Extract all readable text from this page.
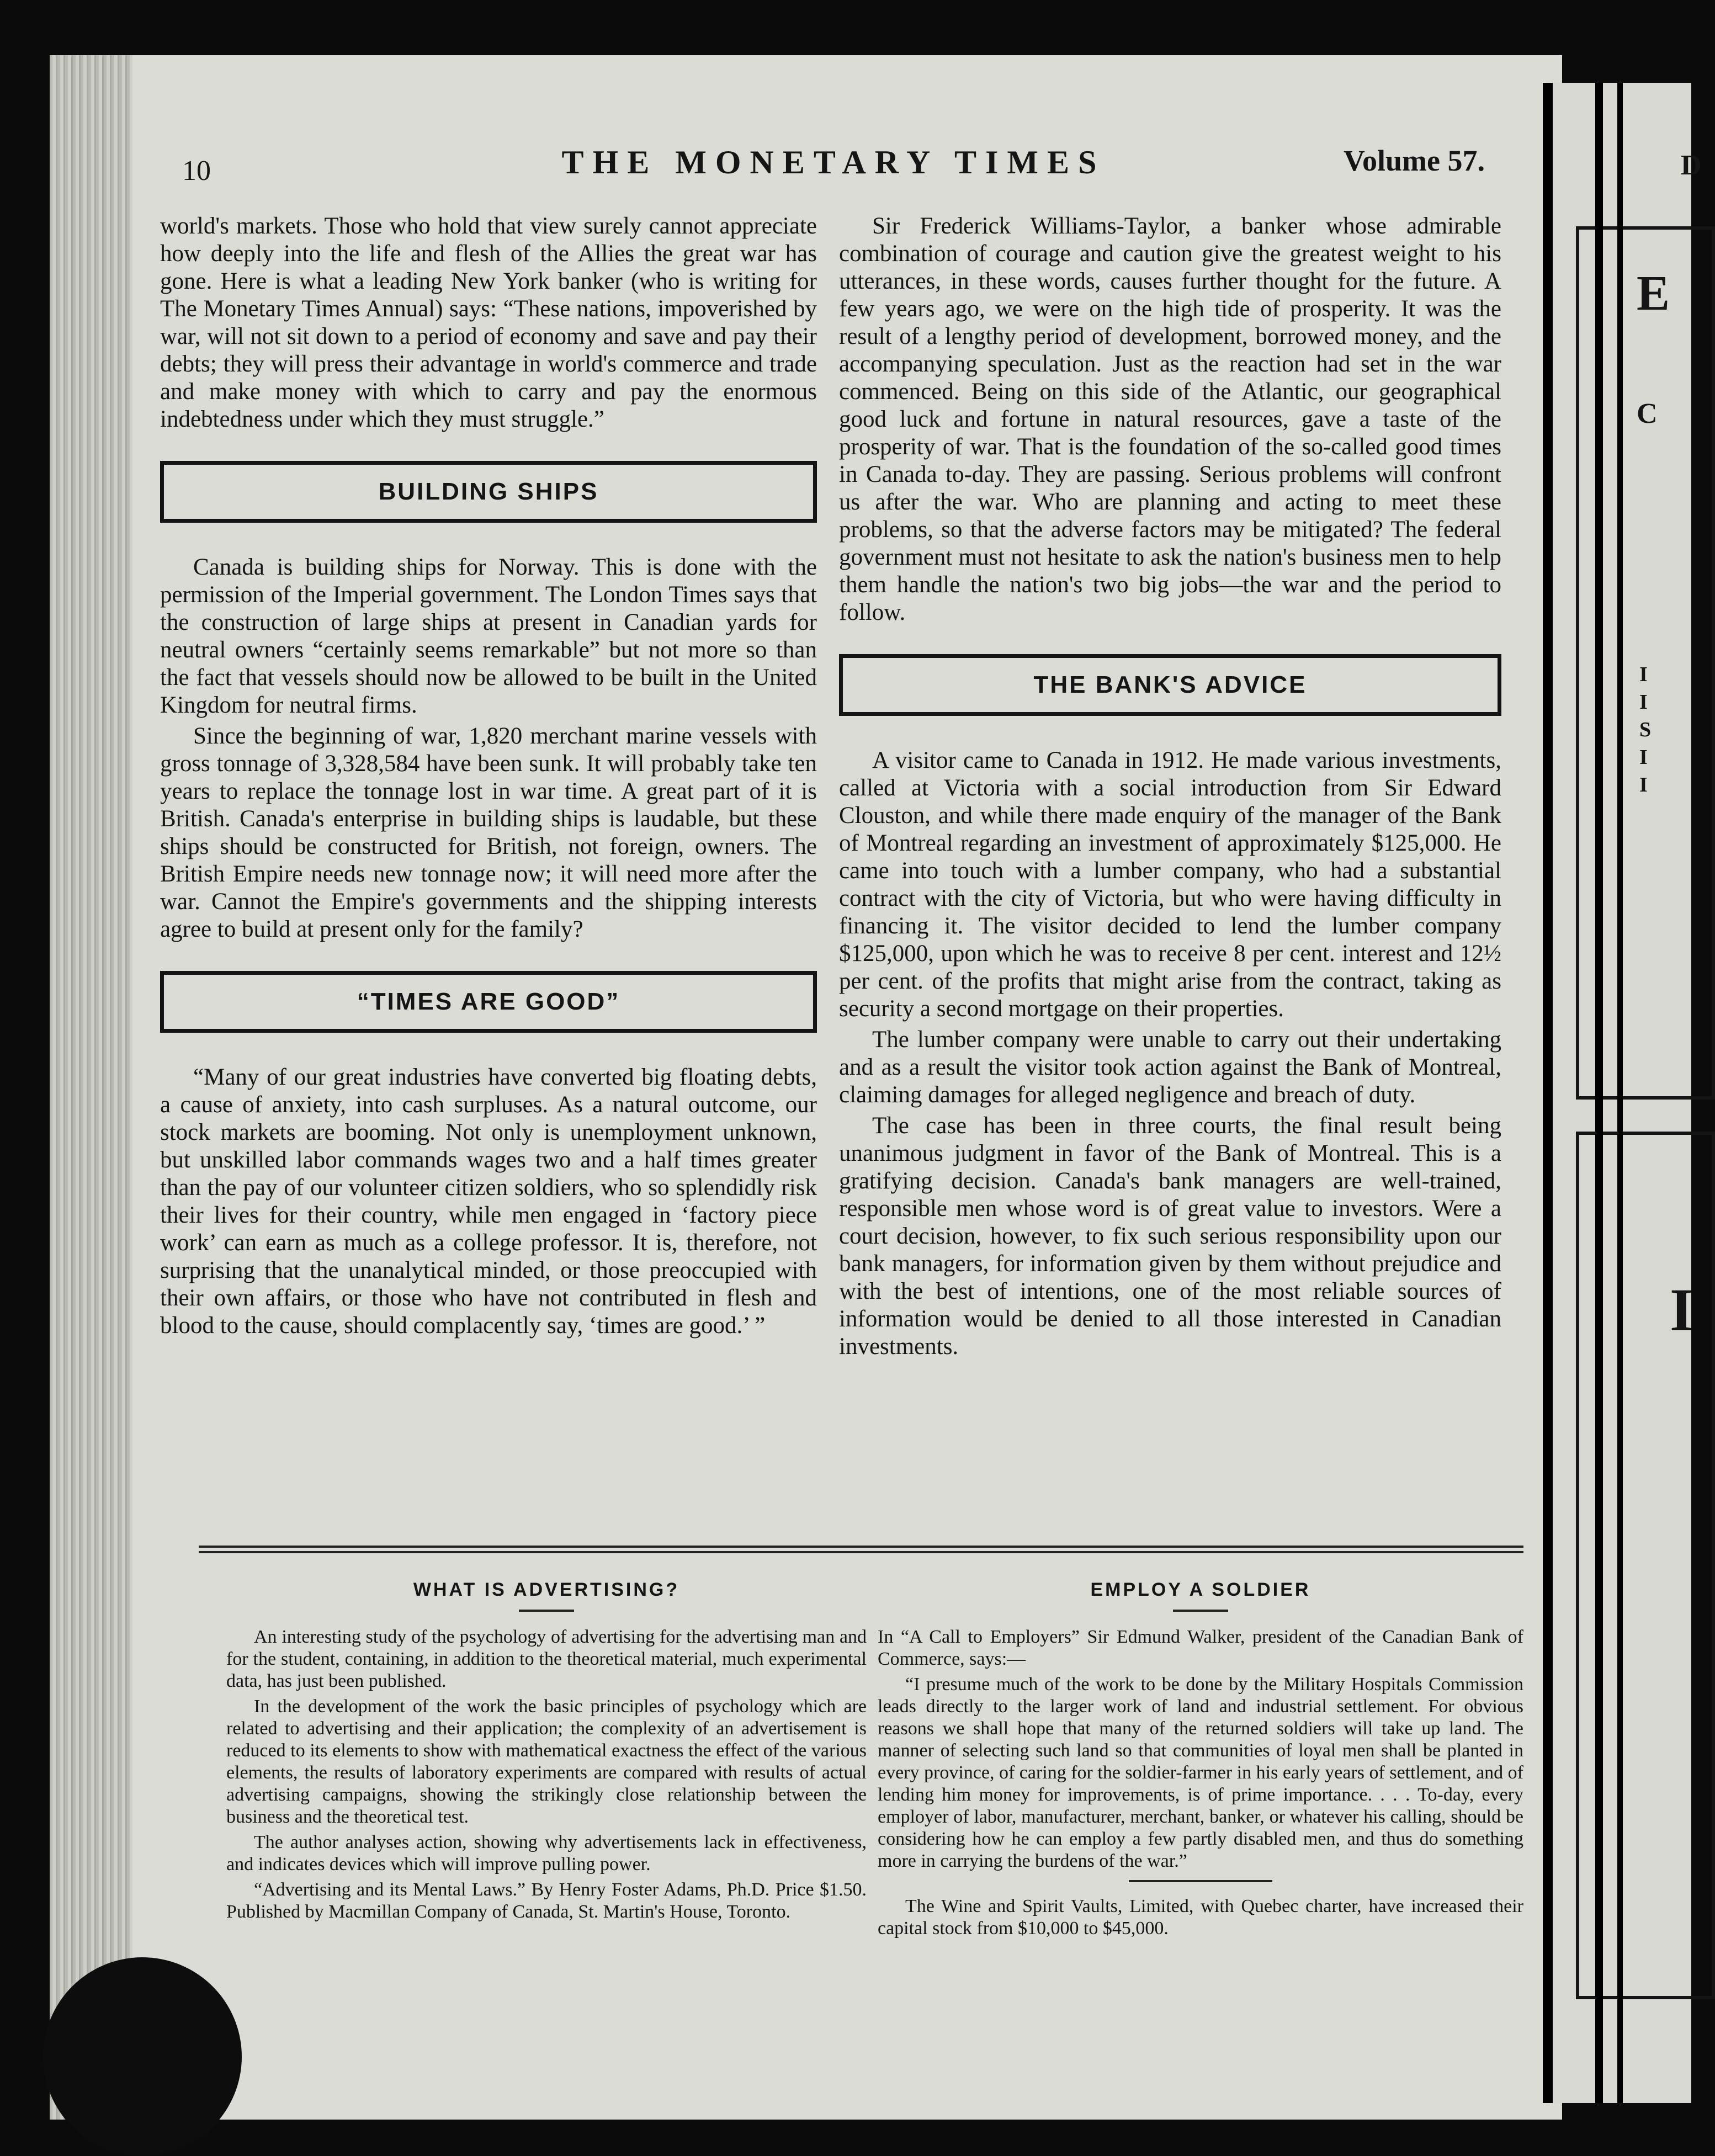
10	THE MONETARY TIMES	Volume 57.

world's markets. Those who hold that view surely cannot appreciate how deeply into the life and flesh of the Allies the great war has gone. Here is what a leading New York banker (who is writing for The Monetary Times Annual) says: “These nations, impoverished by war, will not sit down to a period of economy and save and pay their debts; they will press their advantage in world's commerce and trade and make money with which to carry and pay the enormous indebtedness under which they must struggle.”

BUILDING SHIPS

Canada is building ships for Norway. This is done with the permission of the Imperial government. The London Times says that the construction of large ships at present in Canadian yards for neutral owners “certainly seems remarkable” but not more so than the fact that vessels should now be allowed to be built in the United Kingdom for neutral firms.

Since the beginning of war, 1,820 merchant marine vessels with gross tonnage of 3,328,584 have been sunk. It will probably take ten years to replace the tonnage lost in war time. A great part of it is British. Canada's enterprise in building ships is laudable, but these ships should be constructed for British, not foreign, owners. The British Empire needs new tonnage now; it will need more after the war. Cannot the Empire's governments and the shipping interests agree to build at present only for the family?

“TIMES ARE GOOD”

“Many of our great industries have converted big floating debts, a cause of anxiety, into cash surpluses. As a natural outcome, our stock markets are booming. Not only is unemployment unknown, but unskilled labor commands wages two and a half times greater than the pay of our volunteer citizen soldiers, who so splendidly risk their lives for their country, while men engaged in ‘factory piece work’ can earn as much as a college professor. It is, therefore, not surprising that the unanalytical minded, or those preoccupied with their own affairs, or those who have not contributed in flesh and blood to the cause, should complacently say, ‘times are good.’ ”

Sir Frederick Williams-Taylor, a banker whose admirable combination of courage and caution give the greatest weight to his utterances, in these words, causes further thought for the future. A few years ago, we were on the high tide of prosperity. It was the result of a lengthy period of development, borrowed money, and the accompanying speculation. Just as the reaction had set in the war commenced. Being on this side of the Atlantic, our geographical good luck and fortune in natural resources, gave a taste of the prosperity of war. That is the foundation of the so-called good times in Canada to-day. They are passing. Serious problems will confront us after the war. Who are planning and acting to meet these problems, so that the adverse factors may be mitigated? The federal government must not hesitate to ask the nation's business men to help them handle the nation's two big jobs—the war and the period to follow.

THE BANK'S ADVICE

A visitor came to Canada in 1912. He made various investments, called at Victoria with a social introduction from Sir Edward Clouston, and while there made enquiry of the manager of the Bank of Montreal regarding an investment of approximately $125,000. He came into touch with a lumber company, who had a substantial contract with the city of Victoria, but who were having difficulty in financing it. The visitor decided to lend the lumber company $125,000, upon which he was to receive 8 per cent. interest and 12½ per cent. of the profits that might arise from the contract, taking as security a second mortgage on their properties.

The lumber company were unable to carry out their undertaking and as a result the visitor took action against the Bank of Montreal, claiming damages for alleged negligence and breach of duty.

The case has been in three courts, the final result being unanimous judgment in favor of the Bank of Montreal. This is a gratifying decision. Canada's bank managers are well-trained, responsible men whose word is of great value to investors. Were a court decision, however, to fix such serious responsibility upon our bank managers, for information given by them without prejudice and with the best of intentions, one of the most reliable sources of information would be denied to all those interested in Canadian investments.

WHAT IS ADVERTISING?

An interesting study of the psychology of advertising for the advertising man and for the student, containing, in addition to the theoretical material, much experimental data, has just been published.

In the development of the work the basic principles of psychology which are related to advertising and their application; the complexity of an advertisement is reduced to its elements to show with mathematical exactness the effect of the various elements, the results of laboratory experiments are compared with results of actual advertising campaigns, showing the strikingly close relationship between the business and the theoretical test.

The author analyses action, showing why advertisements lack in effectiveness, and indicates devices which will improve pulling power.

“Advertising and its Mental Laws.” By Henry Foster Adams, Ph.D. Price $1.50. Published by Macmillan Company of Canada, St. Martin's House, Toronto.

EMPLOY A SOLDIER

In “A Call to Employers” Sir Edmund Walker, president of the Canadian Bank of Commerce, says:—

“I presume much of the work to be done by the Military Hospitals Commission leads directly to the larger work of land and industrial settlement. For obvious reasons we shall hope that many of the returned soldiers will take up land. The manner of selecting such land so that communities of loyal men shall be planted in every province, of caring for the soldier-farmer in his early years of settlement, and of lending him money for improvements, is of prime importance. . . . To-day, every employer of labor, manufacturer, merchant, banker, or whatever his calling, should be considering how he can employ a few partly disabled men, and thus do something more in carrying the burdens of the war.”

The Wine and Spirit Vaults, Limited, with Quebec charter, have increased their capital stock from $10,000 to $45,000.

D
E
C
I
I
S
I
I
I
